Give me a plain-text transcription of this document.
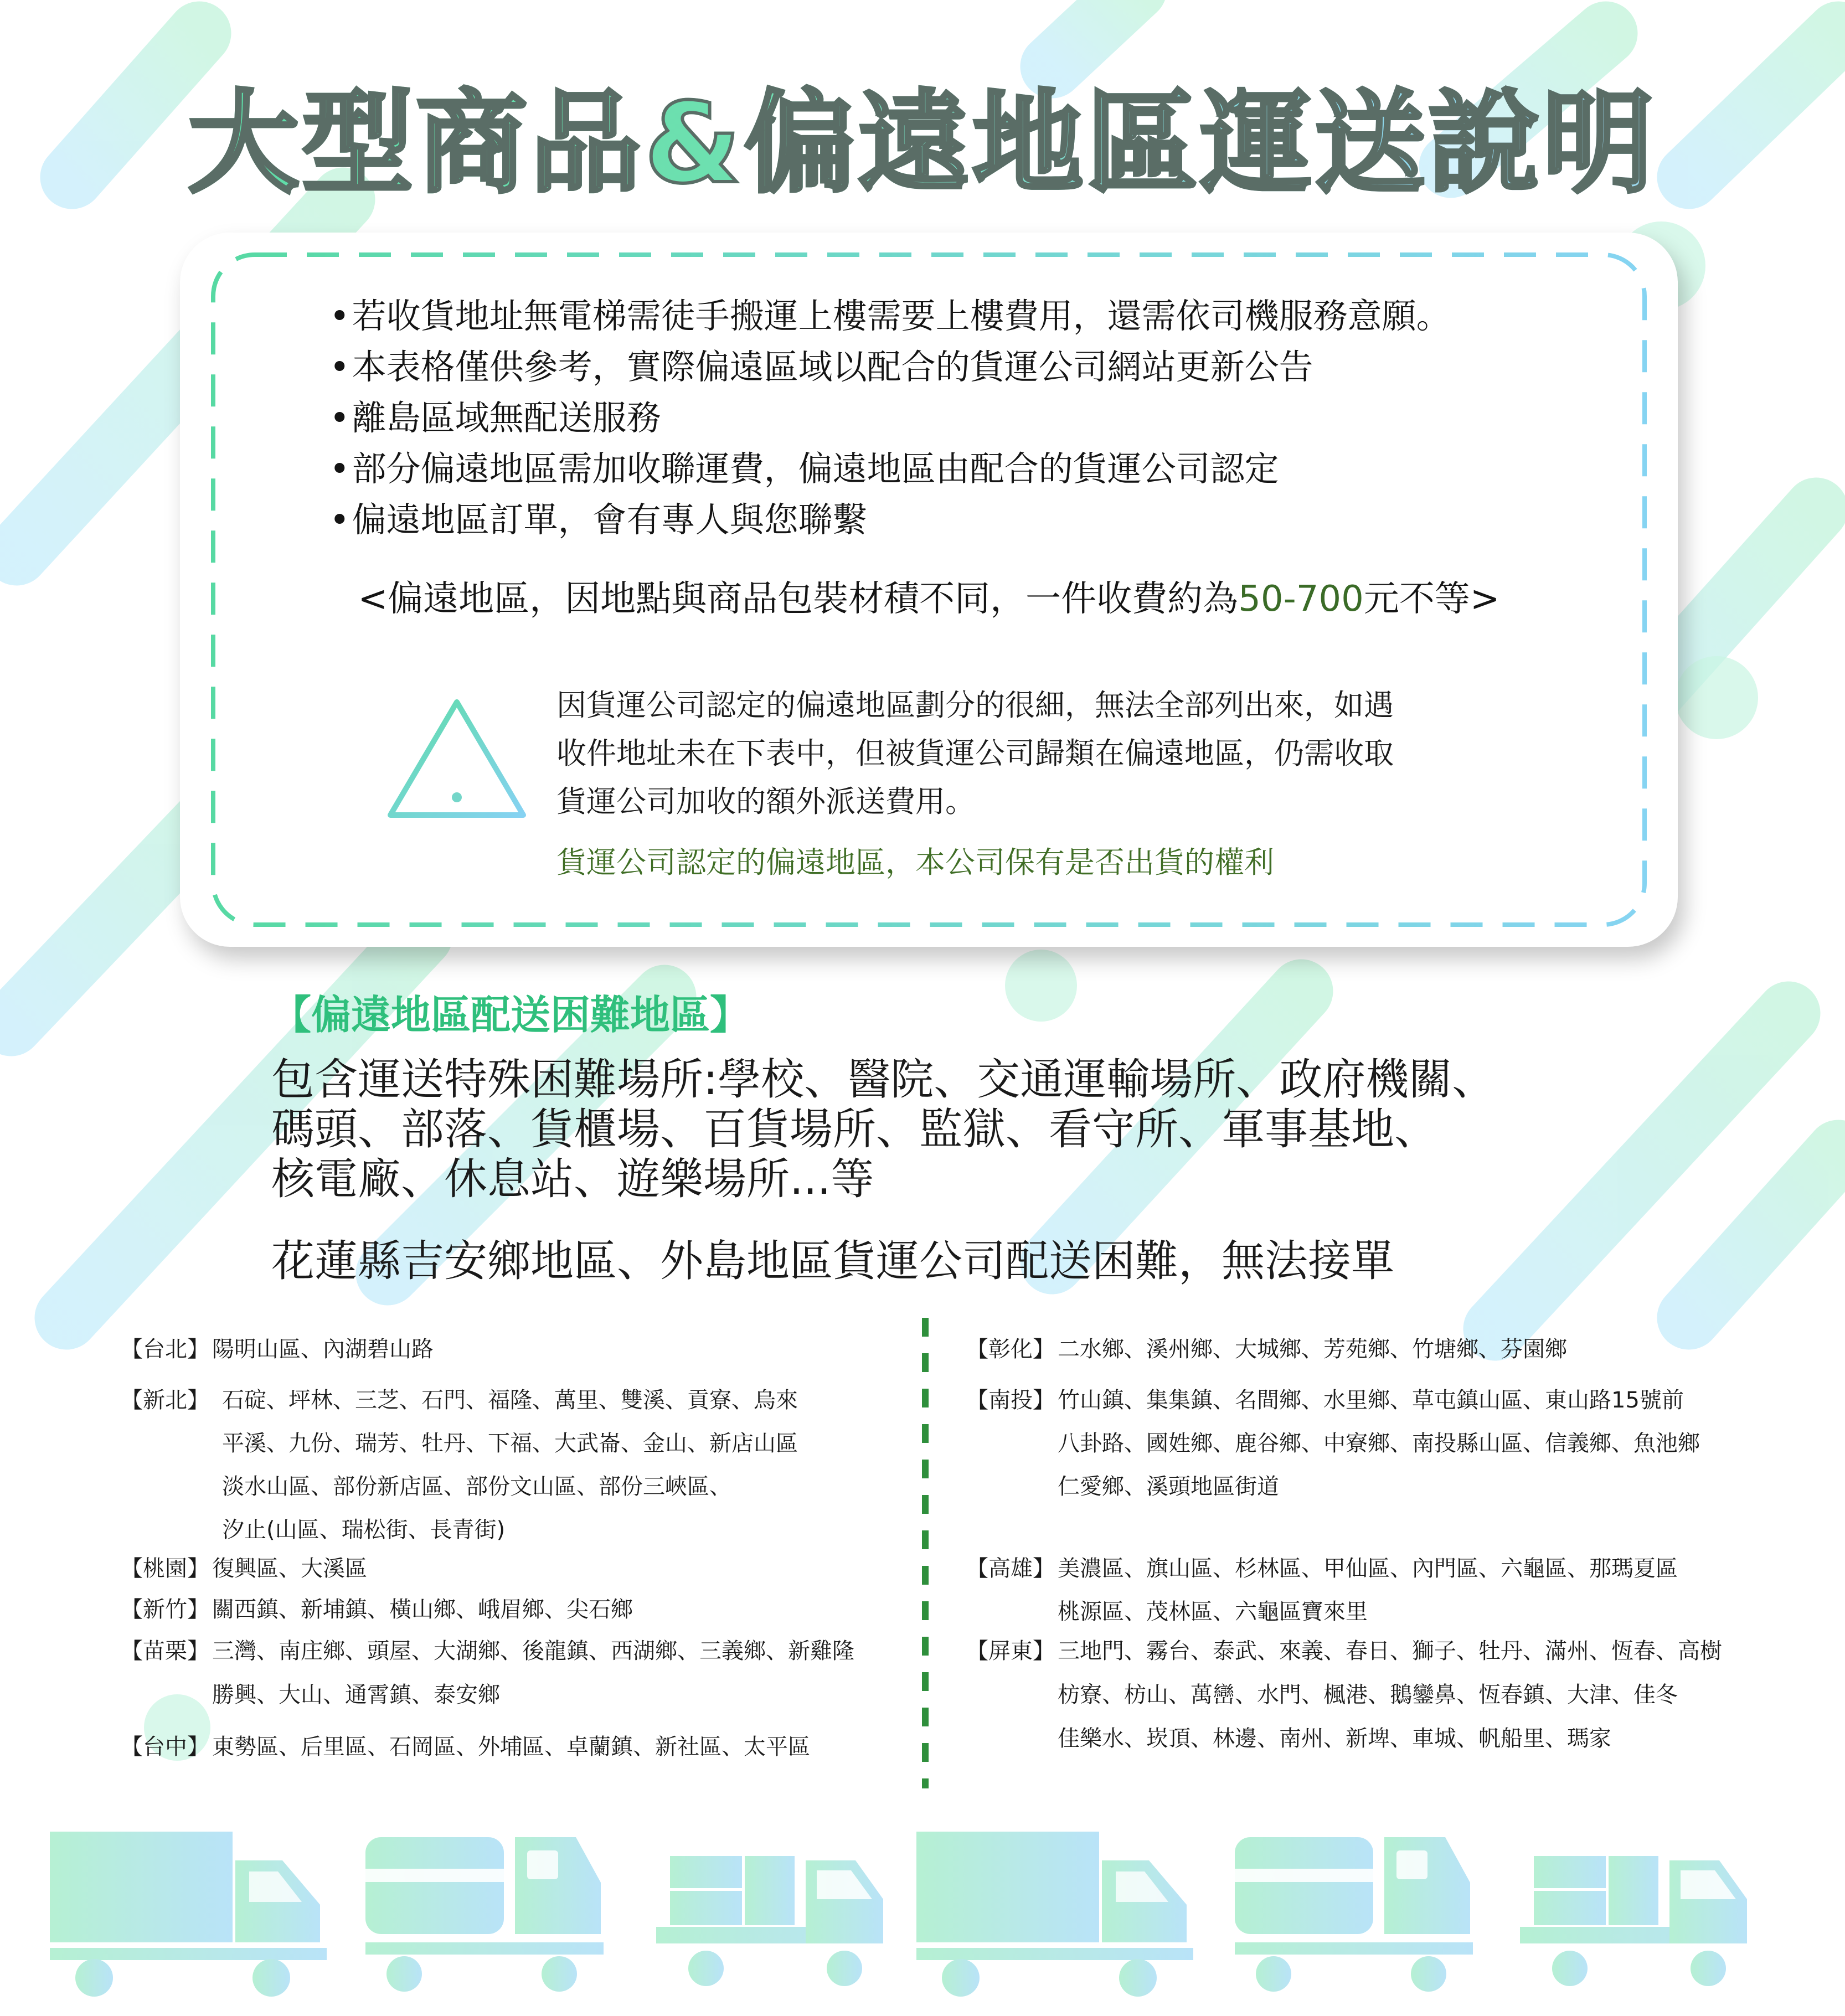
大型商品&偏遠地區運送說明
• 若收貨地址無電梯需徒手搬運上樓需要上樓費用，還需依司機服務意願。
• 本表格僅供參考，實際偏遠區域以配合的貨運公司網站更新公告
• 離島區域無配送服務
• 部分偏遠地區需加收聯運費，偏遠地區由配合的貨運公司認定
• 偏遠地區訂單，會有專人與您聯繫
<偏遠地區，因地點與商品包裝材積不同，一件收費約為50-700元不等>
因貨運公司認定的偏遠地區劃分的很細，無法全部列出來，如遇
收件地址未在下表中，但被貨運公司歸類在偏遠地區，仍需收取
貨運公司加收的額外派送費用。
貨運公司認定的偏遠地區，本公司保有是否出貨的權利
【偏遠地區配送困難地區】
包含運送特殊困難場所:學校、醫院、交通運輸場所、政府機關、
碼頭、部落、貨櫃場、百貨場所、監獄、看守所、軍事基地、
核電廠、休息站、遊樂場所...等
花蓮縣吉安鄉地區、外島地區貨運公司配送困難，無法接單
【台北】 陽明山區、內湖碧山路
【新北】 石碇、坪林、三芝、石門、福隆、萬里、雙溪、貢寮、烏來
平溪、九份、瑞芳、牡丹、下福、大武崙、金山、新店山區
淡水山區、部份新店區、部份文山區、部份三峽區、
汐止(山區、瑞松街、長青街)
【桃園】 復興區、大溪區
【新竹】 關西鎮、新埔鎮、橫山鄉、峨眉鄉、尖石鄉
【苗栗】 三灣、南庄鄉、頭屋、大湖鄉、後龍鎮、西湖鄉、三義鄉、新雞隆
勝興、大山、通霄鎮、泰安鄉
【台中】 東勢區、后里區、石岡區、外埔區、卓蘭鎮、新社區、太平區
【彰化】 二水鄉、溪州鄉、大城鄉、芳苑鄉、竹塘鄉、芬園鄉
【南投】 竹山鎮、集集鎮、名間鄉、水里鄉、草屯鎮山區、東山路15號前
八卦路、國姓鄉、鹿谷鄉、中寮鄉、南投縣山區、信義鄉、魚池鄉
仁愛鄉、溪頭地區街道
【高雄】 美濃區、旗山區、杉林區、甲仙區、內門區、六龜區、那瑪夏區
桃源區、茂林區、六龜區寶來里
【屏東】 三地門、霧台、泰武、來義、春日、獅子、牡丹、滿州、恆春、高樹
枋寮、枋山、萬巒、水門、楓港、鵝鑾鼻、恆春鎮、大津、佳冬
佳樂水、崁頂、林邊、南州、新埤、車城、帆船里、瑪家
